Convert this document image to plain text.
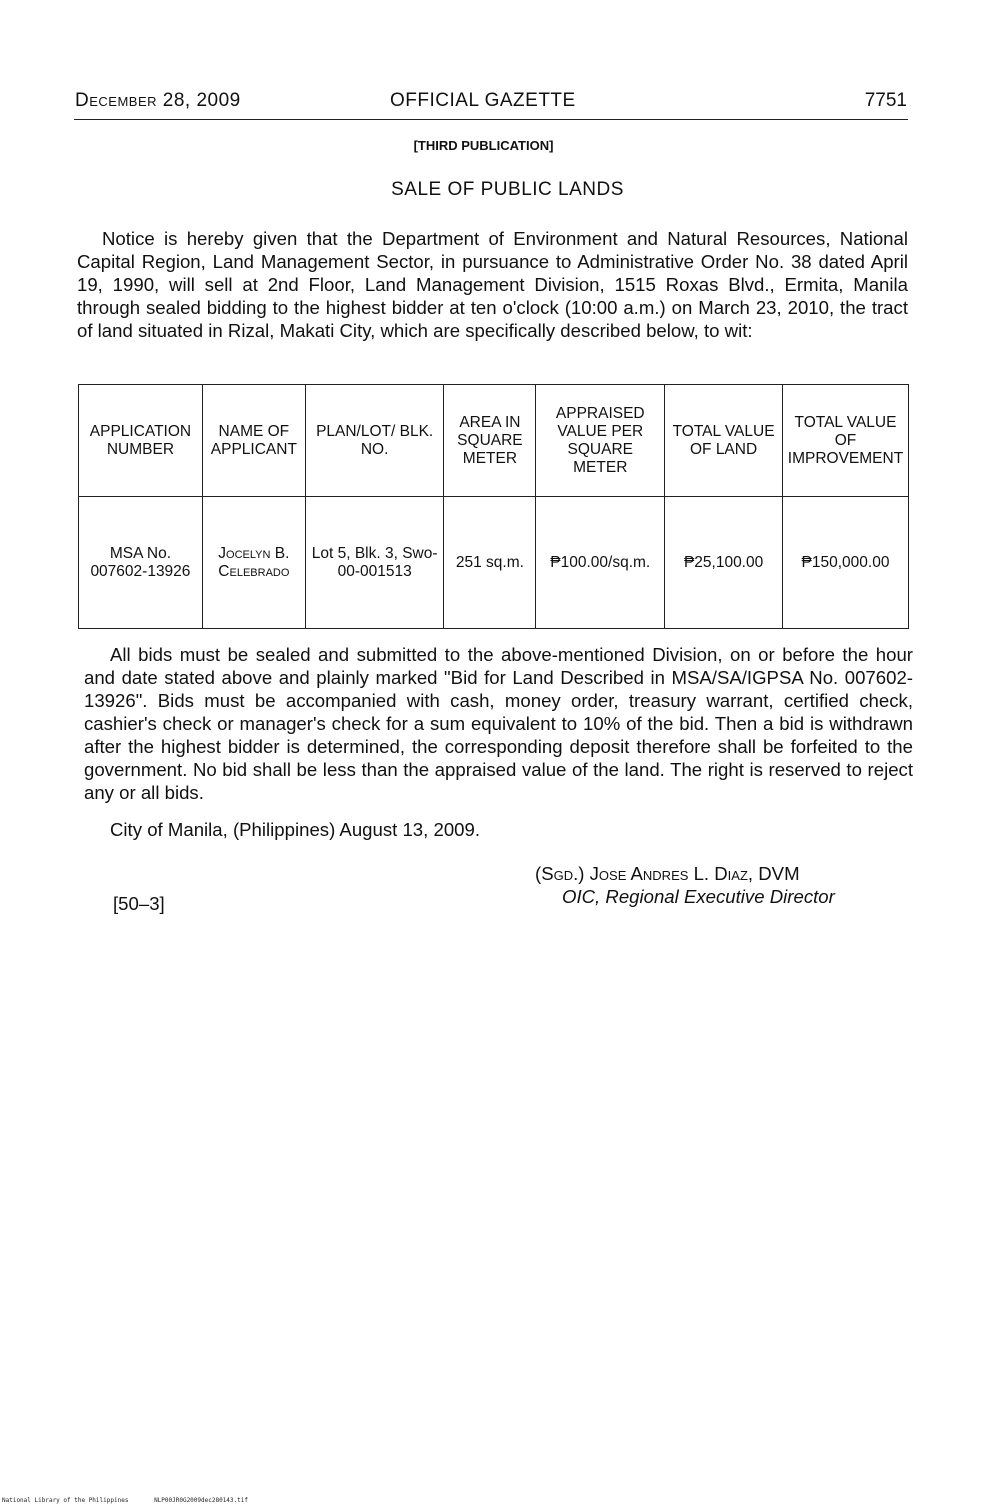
December 28, 2009	OFFICIAL GAZETTE	7751
[THIRD PUBLICATION]
SALE OF PUBLIC LANDS
Notice is hereby given that the Department of Environment and Natural Resources, National Capital Region, Land Management Sector, in pursuance to Administrative Order No. 38 dated April 19, 1990, will sell at 2nd Floor, Land Management Division, 1515 Roxas Blvd., Ermita, Manila through sealed bidding to the highest bidder at ten o'clock (10:00 a.m.) on March 23, 2010, the tract of land situated in Rizal, Makati City, which are specifically described below, to wit:
APPLICATION NUMBER	NAME OF APPLICANT	PLAN/LOT/ BLK. NO.	AREA IN SQUARE METER	APPRAISED VALUE PER SQUARE METER	TOTAL VALUE OF LAND	TOTAL VALUE OF IMPROVEMENT
MSA No. 007602-13926	Jocelyn B. Celebrado	Lot 5, Blk. 3, Swo-00-001513	251 sq.m.	₱100.00/sq.m.	₱25,100.00	₱150,000.00
All bids must be sealed and submitted to the above-mentioned Division, on or before the hour and date stated above and plainly marked "Bid for Land Described in MSA/SA/IGPSA No. 007602-13926". Bids must be accompanied with cash, money order, treasury warrant, certified check, cashier's check or manager's check for a sum equivalent to 10% of the bid. Then a bid is withdrawn after the highest bidder is determined, the corresponding deposit therefore shall be forfeited to the government. No bid shall be less than the appraised value of the land. The right is reserved to reject any or all bids.
City of Manila, (Philippines) August 13, 2009.
(Sgd.) Jose Andres L. Diaz, DVM
OIC, Regional Executive Director
[50–3]
National Library of the Philippines	NLP00JR0G2009dec280143.tif
